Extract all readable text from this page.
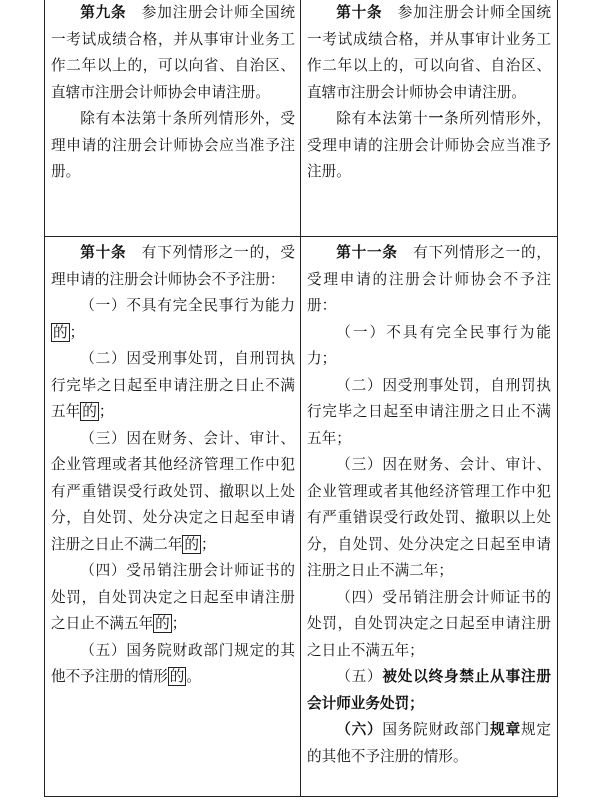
第九条 参加注册会计师全国统一考试成绩合格，并从事审计业务工作二年以上的，可以向省、自治区、直辖市注册会计师协会申请注册。

除有本法第十条所列情形外，受理申请的注册会计师协会应当准予注册。

第十条 参加注册会计师全国统一考试成绩合格，并从事审计业务工作二年以上的，可以向省、自治区、直辖市注册会计师协会申请注册。

除有本法第十一条所列情形外，受理申请的注册会计师协会应当准予注册。

第十条 有下列情形之一的，受理申请的注册会计师协会不予注册：

（一）不具有完全民事行为能力的 ；

（二）因受刑事处罚，自刑罚执行完毕之日起至申请注册之日止不满五年 的 ；

（三）因在财务、会计、审计、企业管理或者其他经济管理工作中犯有严重错误受行政处罚、撤职以上处分，自处罚、处分决定之日起至申请注册之日止不满二年 的 ；

（四）受吊销注册会计师证书的处罚，自处罚决定之日起至申请注册之日止不满五年 的 ；

（五）国务院财政部门规定的其他不予注册的情形 的 。

第十一条 有下列情形之一的，受理申请的注册会计师协会不予注册：

（一）不具有完全民事行为能力；

（二）因受刑事处罚，自刑罚执行完毕之日起至申请注册之日止不满五年；

（三）因在财务、会计、审计、企业管理或者其他经济管理工作中犯有严重错误受行政处罚、撤职以上处分，自处罚、处分决定之日起至申请注册之日止不满二年；

（四）受吊销注册会计师证书的处罚，自处罚决定之日起至申请注册之日止不满五年；

（五）被处以终身禁止从事注册会计师业务处罚；

（六）国务院财政部门规章规定的其他不予注册的情形。
